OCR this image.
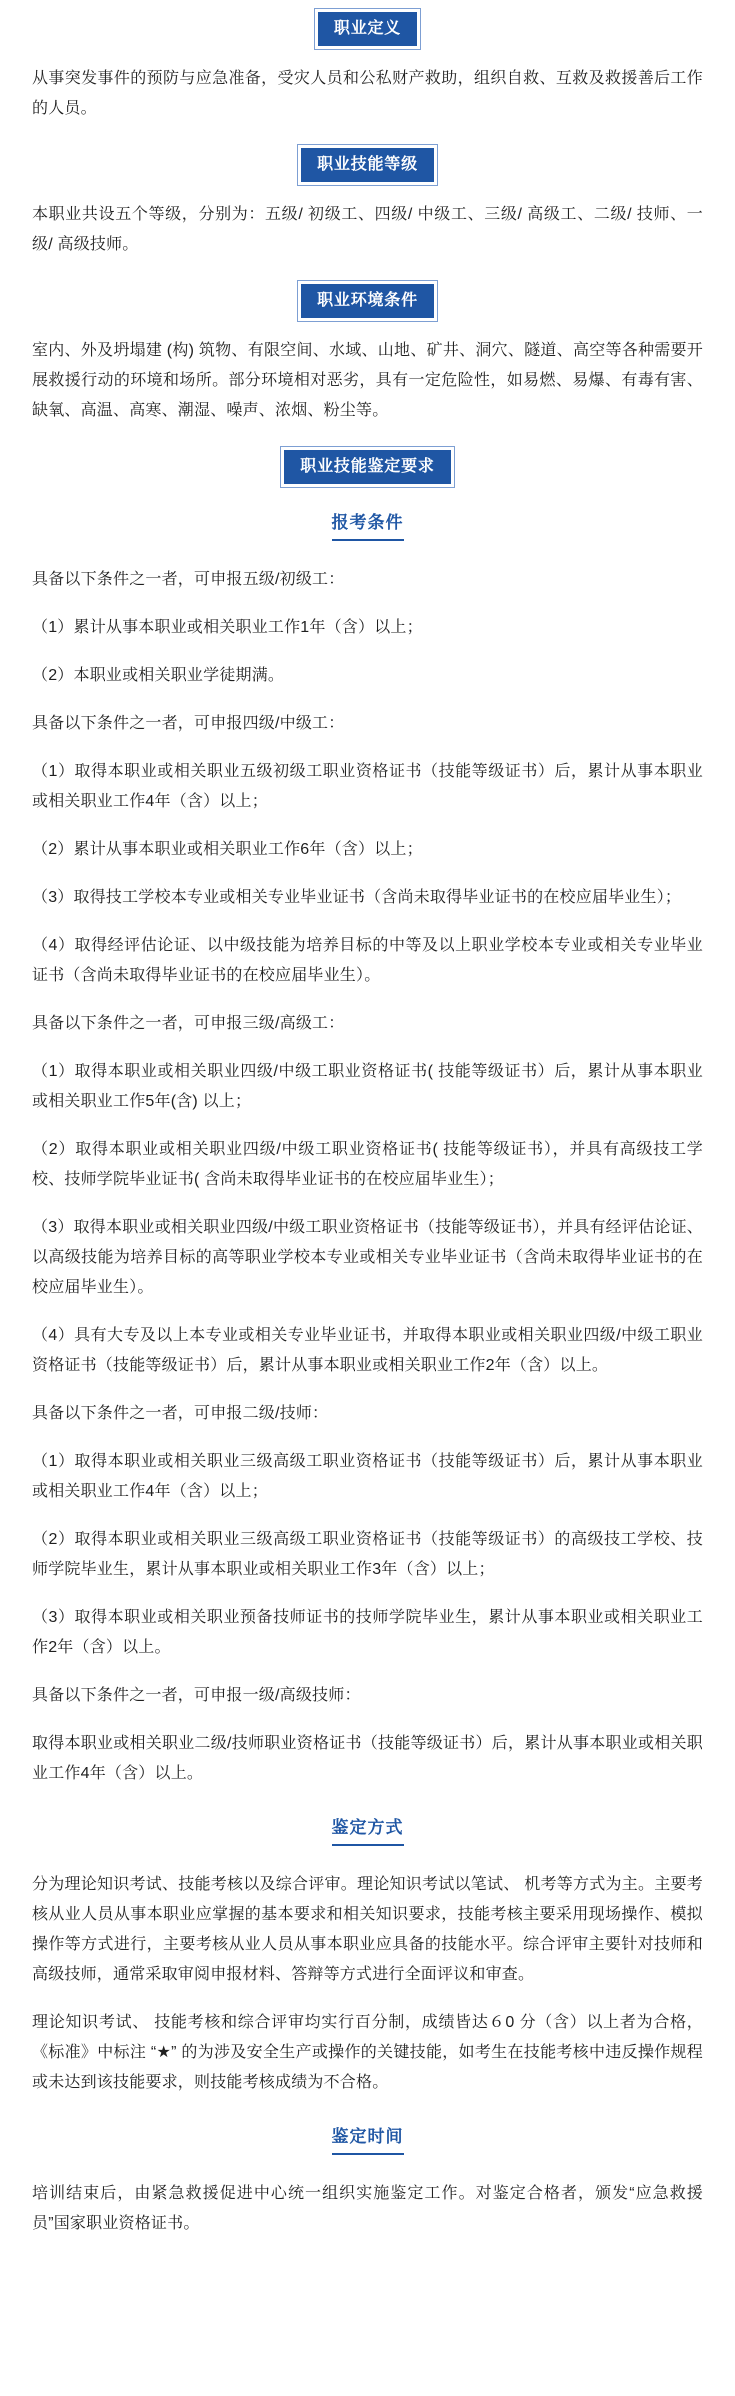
职业定义

从事突发事件的预防与应急准备，受灾人员和公私财产救助，组织自救、互救及救援善后工作的人员。

职业技能等级

本职业共设五个等级，分别为：五级/ 初级工、四级/ 中级工、三级/ 高级工、二级/ 技师、一级/ 高级技师。

职业环境条件

室内、外及坍塌建 (构) 筑物、有限空间、水域、山地、矿井、洞穴、隧道、高空等各种需要开展救援行动的环境和场所。部分环境相对恶劣，具有一定危险性，如易燃、易爆、有毒有害、缺氧、高温、高寒、潮湿、噪声、浓烟、粉尘等。

职业技能鉴定要求
报考条件

具备以下条件之一者，可申报五级/初级工：

（1）累计从事本职业或相关职业工作1年（含）以上；

（2）本职业或相关职业学徒期满。

具备以下条件之一者，可申报四级/中级工：

（1）取得本职业或相关职业五级初级工职业资格证书（技能等级证书）后，累计从事本职业或相关职业工作4年（含）以上；

（2）累计从事本职业或相关职业工作6年（含）以上；

（3）取得技工学校本专业或相关专业毕业证书（含尚未取得毕业证书的在校应届毕业生）；

（4）取得经评估论证、以中级技能为培养目标的中等及以上职业学校本专业或相关专业毕业证书（含尚未取得毕业证书的在校应届毕业生）。

具备以下条件之一者，可申报三级/高级工：

（1）取得本职业或相关职业四级/中级工职业资格证书( 技能等级证书）后，累计从事本职业或相关职业工作5年(含) 以上；

（2）取得本职业或相关职业四级/中级工职业资格证书( 技能等级证书），并具有高级技工学校、技师学院毕业证书( 含尚未取得毕业证书的在校应届毕业生）；

（3）取得本职业或相关职业四级/中级工职业资格证书（技能等级证书），并具有经评估论证、以高级技能为培养目标的高等职业学校本专业或相关专业毕业证书（含尚未取得毕业证书的在校应届毕业生）。

（4）具有大专及以上本专业或相关专业毕业证书，并取得本职业或相关职业四级/中级工职业资格证书（技能等级证书）后，累计从事本职业或相关职业工作2年（含）以上。

具备以下条件之一者，可申报二级/技师：

（1）取得本职业或相关职业三级高级工职业资格证书（技能等级证书）后，累计从事本职业或相关职业工作4年（含）以上；

（2）取得本职业或相关职业三级高级工职业资格证书（技能等级证书）的高级技工学校、技师学院毕业生，累计从事本职业或相关职业工作3年（含）以上；

（3）取得本职业或相关职业预备技师证书的技师学院毕业生，累计从事本职业或相关职业工作2年（含）以上。

具备以下条件之一者，可申报一级/高级技师：

取得本职业或相关职业二级/技师职业资格证书（技能等级证书）后，累计从事本职业或相关职业工作4年（含）以上。

鉴定方式

分为理论知识考试、技能考核以及综合评审。理论知识考试以笔试、 机考等方式为主。主要考核从业人员从事本职业应掌握的基本要求和相关知识要求，技能考核主要采用现场操作、模拟操作等方式进行，主要考核从业人员从事本职业应具备的技能水平。综合评审主要针对技师和高级技师，通常采取审阅申报材料、答辩等方式进行全面评议和审查。

理论知识考试、 技能考核和综合评审均实行百分制，成绩皆达６0 分（含）以上者为合格，《标准》中标注 “★” 的为涉及安全生产或操作的关键技能，如考生在技能考核中违反操作规程或未达到该技能要求，则技能考核成绩为不合格。

鉴定时间

培训结束后，由紧急救援促进中心统一组织实施鉴定工作。对鉴定合格者，颁发“应急救援员”国家职业资格证书。
